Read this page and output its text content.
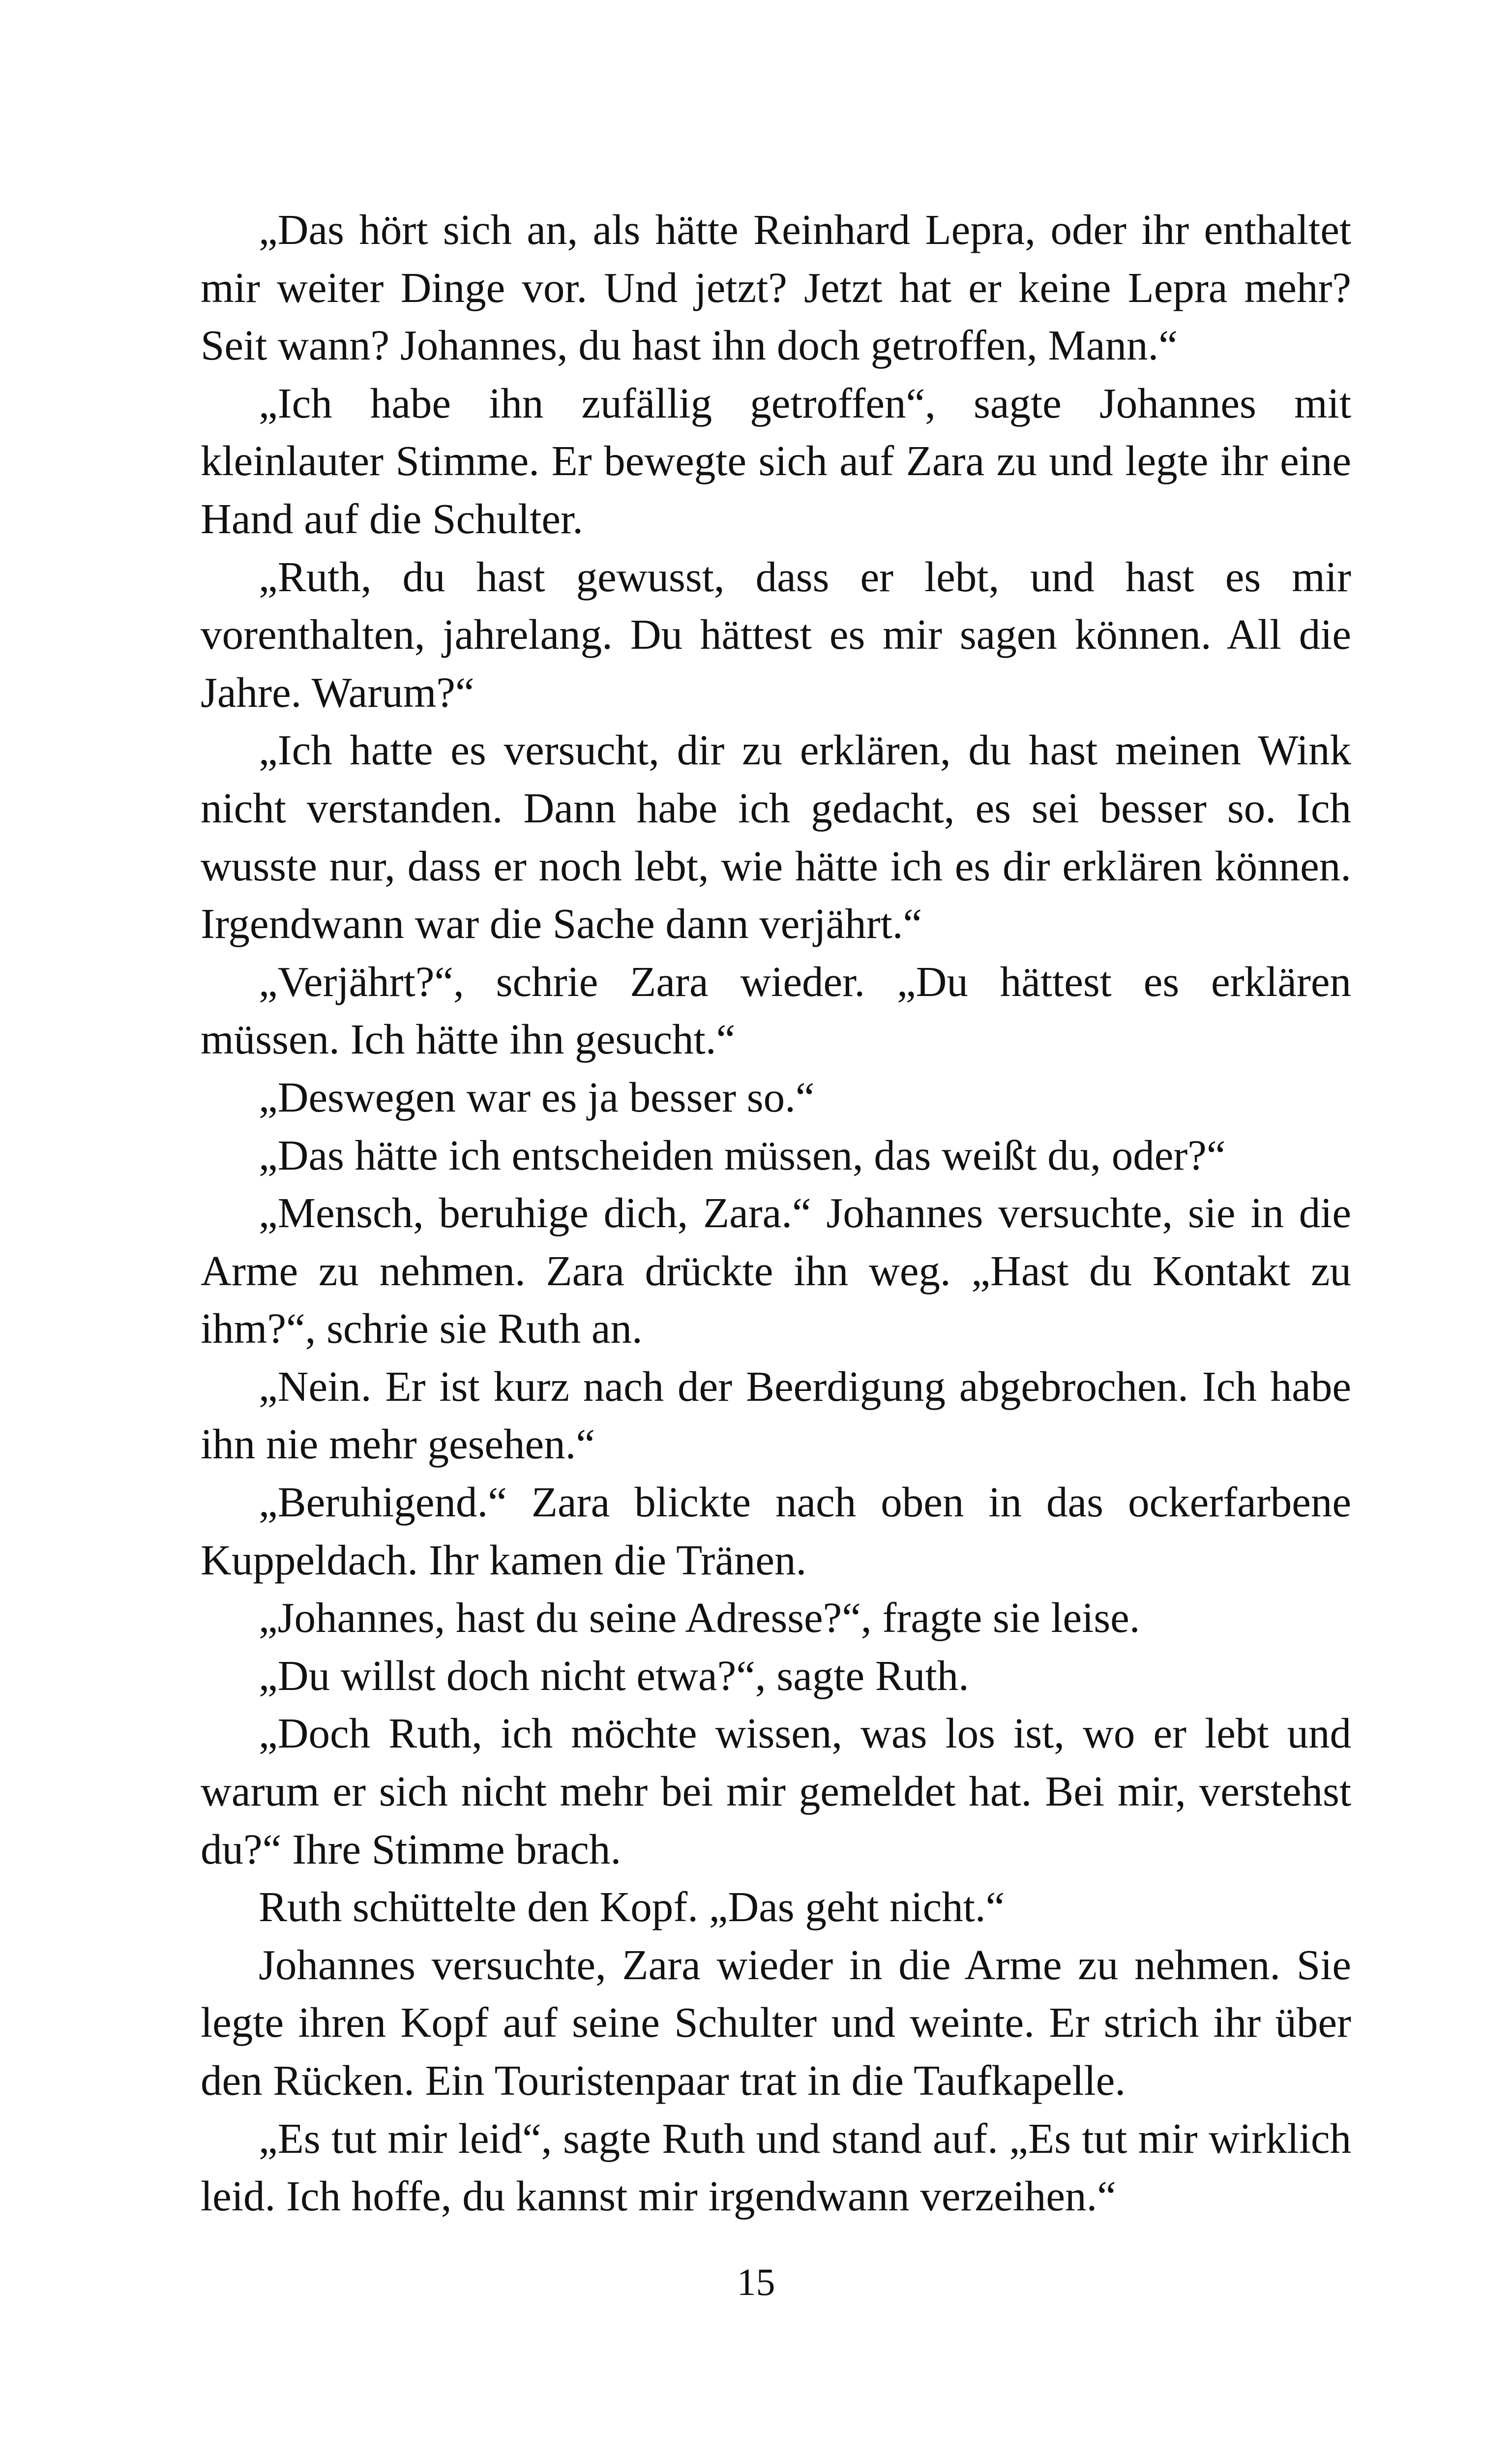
„Das hört sich an, als hätte Reinhard Lepra, oder ihr enthaltet mir weiter Dinge vor. Und jetzt? Jetzt hat er keine Lepra mehr? Seit wann? Johannes, du hast ihn doch getroffen, Mann.“

„Ich habe ihn zufällig getroffen“, sagte Johannes mit kleinlauter Stimme. Er bewegte sich auf Zara zu und legte ihr eine Hand auf die Schulter.

„Ruth, du hast gewusst, dass er lebt, und hast es mir vorenthalten, jahrelang. Du hättest es mir sagen können. All die Jahre. Warum?“

„Ich hatte es versucht, dir zu erklären, du hast meinen Wink nicht verstanden. Dann habe ich gedacht, es sei besser so. Ich wusste nur, dass er noch lebt, wie hätte ich es dir erklären können. Irgendwann war die Sache dann verjährt.“

„Verjährt?“, schrie Zara wieder. „Du hättest es erklären müssen. Ich hätte ihn gesucht.“

„Deswegen war es ja besser so.“

„Das hätte ich entscheiden müssen, das weißt du, oder?“

„Mensch, beruhige dich, Zara.“ Johannes versuchte, sie in die Arme zu nehmen. Zara drückte ihn weg. „Hast du Kontakt zu ihm?“, schrie sie Ruth an.

„Nein. Er ist kurz nach der Beerdigung abgebrochen. Ich habe ihn nie mehr gesehen.“

„Beruhigend.“ Zara blickte nach oben in das ockerfarbene Kuppeldach. Ihr kamen die Tränen.

„Johannes, hast du seine Adresse?“, fragte sie leise.

„Du willst doch nicht etwa?“, sagte Ruth.

„Doch Ruth, ich möchte wissen, was los ist, wo er lebt und warum er sich nicht mehr bei mir gemeldet hat. Bei mir, verstehst du?“ Ihre Stimme brach.

Ruth schüttelte den Kopf. „Das geht nicht.“

Johannes versuchte, Zara wieder in die Arme zu nehmen. Sie legte ihren Kopf auf seine Schulter und weinte. Er strich ihr über den Rücken. Ein Touristenpaar trat in die Taufkapelle.

„Es tut mir leid“, sagte Ruth und stand auf. „Es tut mir wirklich leid. Ich hoffe, du kannst mir irgendwann verzeihen.“

15
